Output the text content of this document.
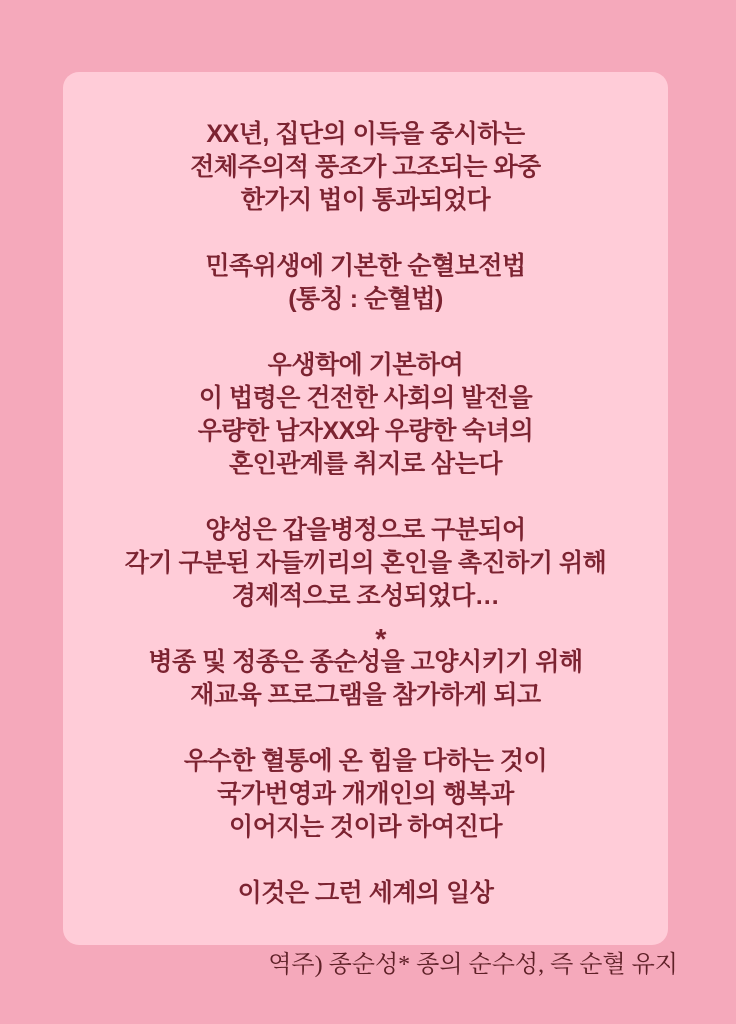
XX년, 집단의 이득을 중시하는
전체주의적 풍조가 고조되는 와중
한가지 법이 통과되었다
민족위생에 기본한 순혈보전법
(통칭 : 순혈법)
우생학에 기본하여
이 법령은 건전한 사회의 발전을
우량한 남자XX와 우량한 숙녀의
혼인관계를 취지로 삼는다
양성은 갑을병정으로 구분되어
각기 구분된 자들끼리의 혼인을 촉진하기 위해
경제적으로 조성되었다…
병종 및 정종은 종순성
*
을 고양시키기 위해
재교육 프로그램을 참가하게 되고
우수한 혈통에 온 힘을 다하는 것이
국가번영과 개개인의 행복과
이어지는 것이라 하여진다
이것은 그런 세계의 일상
역주) 종순성* 종의 순수성, 즉 순혈 유지
